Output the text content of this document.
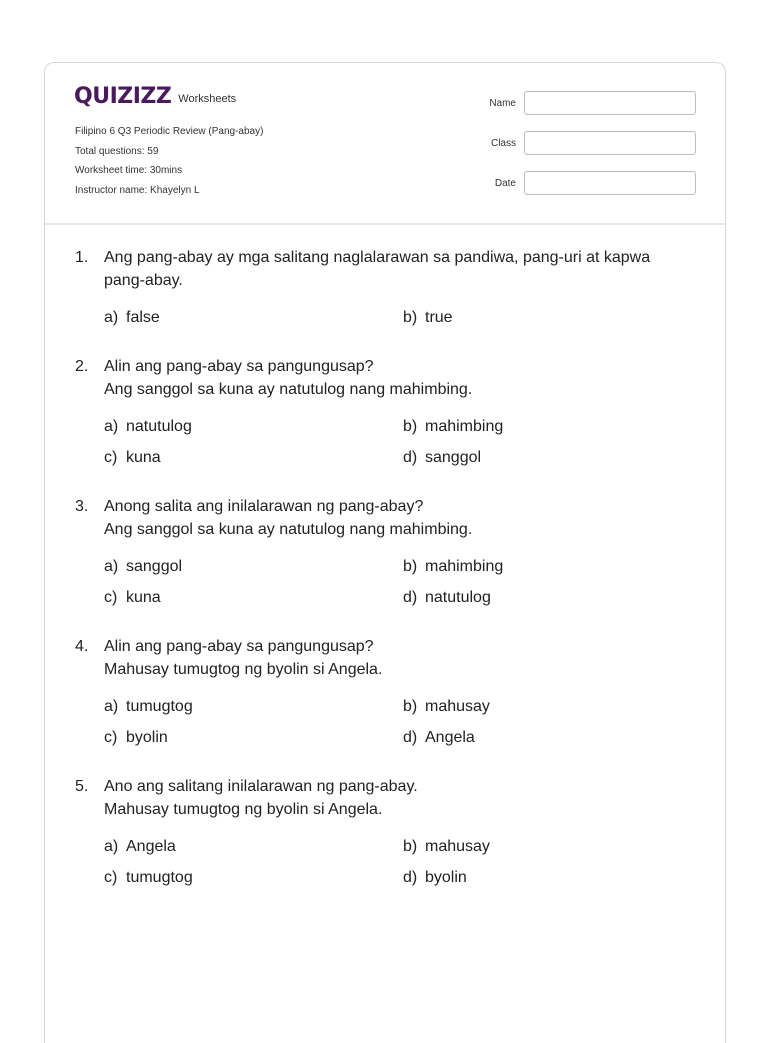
QUIZIZZ Worksheets
Filipino 6 Q3 Periodic Review (Pang-abay)
Total questions: 59
Worksheet time: 30mins
Instructor name: Khayelyn L
Name
Class
Date
1. Ang pang-abay ay mga salitang naglalarawan sa pandiwa, pang-uri at kapwa pang-abay.
a) false	b) true
2. Alin ang pang-abay sa pangungusap?
Ang sanggol sa kuna ay natutulog nang mahimbing.
a) natutulog	b) mahimbing
c) kuna	d) sanggol
3. Anong salita ang inilalarawan ng pang-abay?
Ang sanggol sa kuna ay natutulog nang mahimbing.
a) sanggol	b) mahimbing
c) kuna	d) natutulog
4. Alin ang pang-abay sa pangungusap?
Mahusay tumugtog ng byolin si Angela.
a) tumugtog	b) mahusay
c) byolin	d) Angela
5. Ano ang salitang inilalarawan ng pang-abay.
Mahusay tumugtog ng byolin si Angela.
a) Angela	b) mahusay
c) tumugtog	d) byolin
